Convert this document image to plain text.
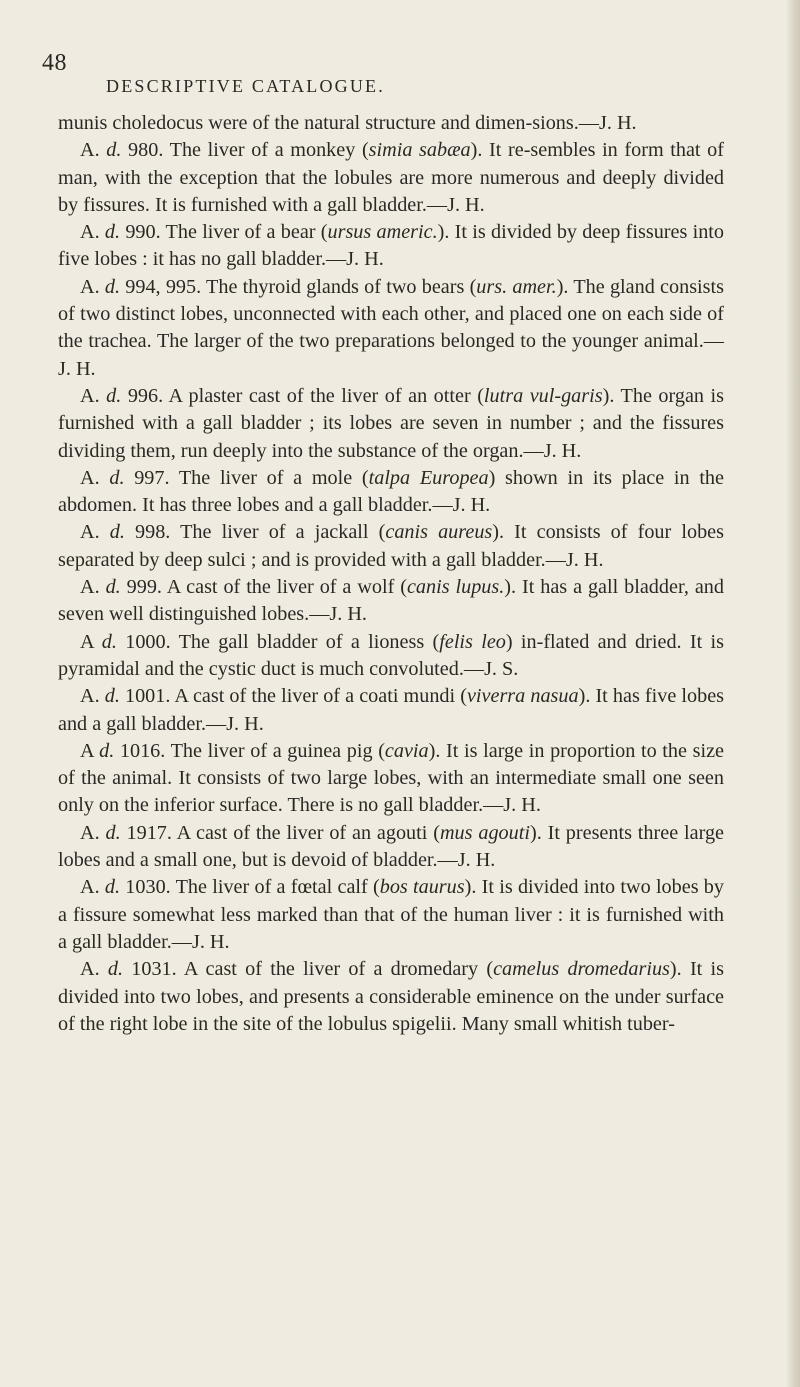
48
DESCRIPTIVE CATALOGUE.

munis choledocus were of the natural structure and dimen-sions.—J. H.

A. d. 980. The liver of a monkey (simia sabæa). It re-sembles in form that of man, with the exception that the lobules are more numerous and deeply divided by fissures. It is furnished with a gall bladder.—J. H.

A. d. 990. The liver of a bear (ursus americ.). It is divided by deep fissures into five lobes : it has no gall bladder.—J. H.

A. d. 994, 995. The thyroid glands of two bears (urs. amer.). The gland consists of two distinct lobes, unconnected with each other, and placed one on each side of the trachea. The larger of the two preparations belonged to the younger animal.—J. H.

A. d. 996. A plaster cast of the liver of an otter (lutra vul-garis). The organ is furnished with a gall bladder ; its lobes are seven in number ; and the fissures dividing them, run deeply into the substance of the organ.—J. H.

A. d. 997. The liver of a mole (talpa Europea) shown in its place in the abdomen. It has three lobes and a gall bladder.—J. H.

A. d. 998. The liver of a jackall (canis aureus). It consists of four lobes separated by deep sulci ; and is provided with a gall bladder.—J. H.

A. d. 999. A cast of the liver of a wolf (canis lupus.). It has a gall bladder, and seven well distinguished lobes.—J. H.

A d. 1000. The gall bladder of a lioness (felis leo) in-flated and dried. It is pyramidal and the cystic duct is much convoluted.—J. S.

A. d. 1001. A cast of the liver of a coati mundi (viverra nasua). It has five lobes and a gall bladder.—J. H.

A d. 1016. The liver of a guinea pig (cavia). It is large in proportion to the size of the animal. It consists of two large lobes, with an intermediate small one seen only on the inferior surface. There is no gall bladder.—J. H.

A. d. 1917. A cast of the liver of an agouti (mus agouti). It presents three large lobes and a small one, but is devoid of bladder.—J. H.

A. d. 1030. The liver of a fœtal calf (bos taurus). It is divided into two lobes by a fissure somewhat less marked than that of the human liver : it is furnished with a gall bladder.—J. H.

A. d. 1031. A cast of the liver of a dromedary (camelus dromedarius). It is divided into two lobes, and presents a considerable eminence on the under surface of the right lobe in the site of the lobulus spigelii. Many small whitish tuber-
